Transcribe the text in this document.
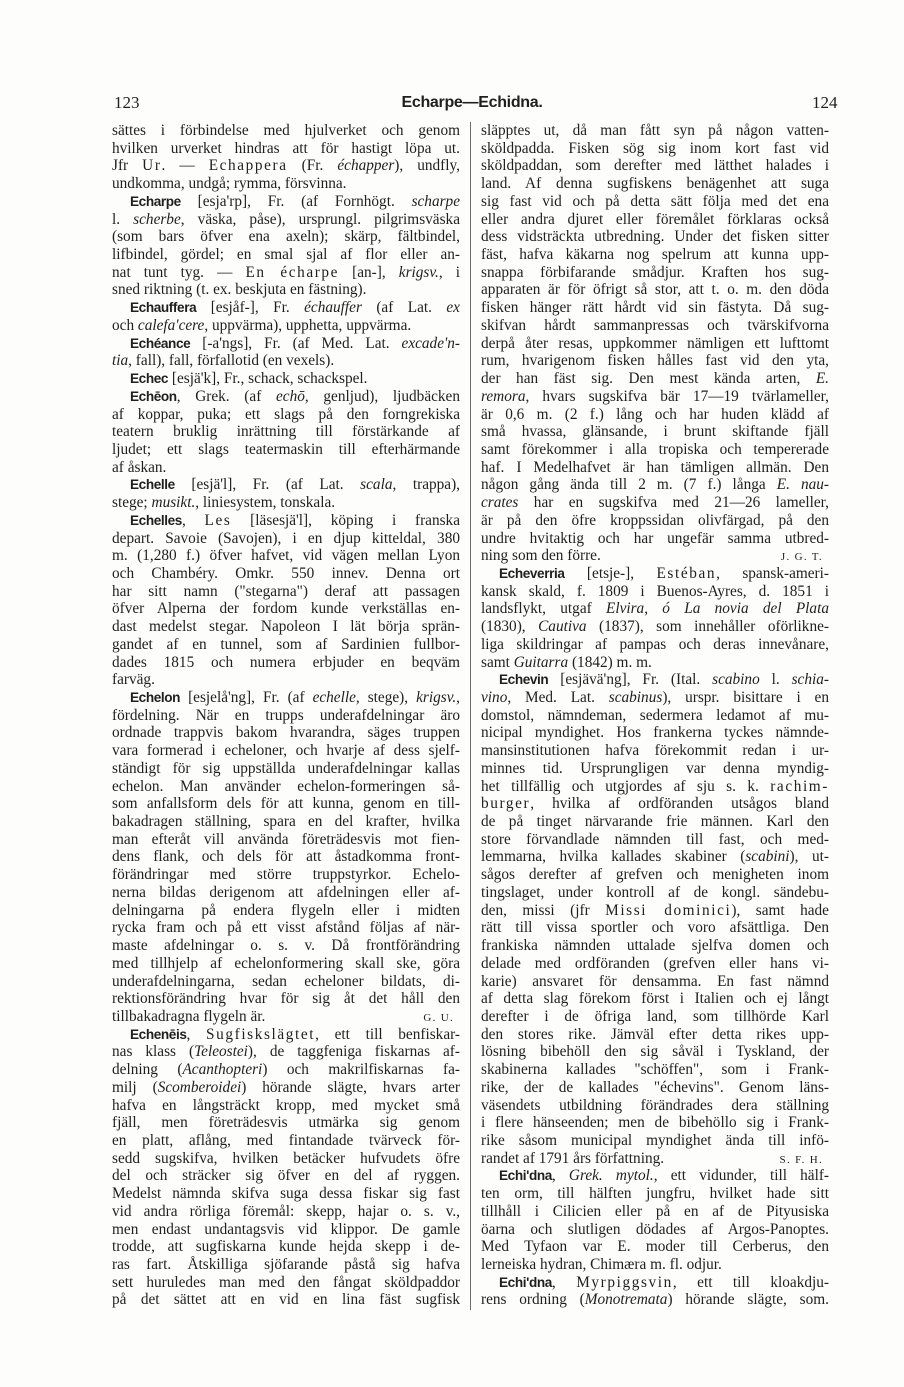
123	Echarpe—Echidna.	124
sättes i förbindelse med hjulverket och genom
hvilken urverket hindras att för hastigt löpa ut.
Jfr Ur. — Echappera (Fr. échapper), undfly,
undkomma, undgå; rymma, försvinna.
Echarpe [esja'rp], Fr. (af Fornhögt. scharpe
l. scherbe, väska, påse), ursprungl. pilgrimsväska
(som bars öfver ena axeln); skärp, fältbindel,
lifbindel, gördel; en smal sjal af flor eller an-
nat tunt tyg. — En écharpe [an-], krigsv., i
sned riktning (t. ex. beskjuta en fästning).
Echauffera [esjåf-], Fr. échauffer (af Lat. ex
och calefa'cere, uppvärma), upphetta, uppvärma.
Echéance [-a'ngs], Fr. (af Med. Lat. excade'n-
tia, fall), fall, förfallotid (en vexels).
Echec [esjä'k], Fr., schack, schackspel.
Echēon, Grek. (af echō, genljud), ljudbäcken
af koppar, puka; ett slags på den forngrekiska
teatern bruklig inrättning till förstärkande af
ljudet; ett slags teatermaskin till efterhärmande
af åskan.
Echelle [esjä'l], Fr. (af Lat. scala, trappa),
stege; musikt., liniesystem, tonskala.
Echelles, Les [läsesjä'l], köping i franska
depart. Savoie (Savojen), i en djup kitteldal, 380
m. (1,280 f.) öfver hafvet, vid vägen mellan Lyon
och Chambéry. Omkr. 550 innev. Denna ort
har sitt namn ("stegarna") deraf att passagen
öfver Alperna der fordom kunde verkställas en-
dast medelst stegar. Napoleon I lät börja sprän-
gandet af en tunnel, som af Sardinien fullbor-
dades 1815 och numera erbjuder en beqväm
farväg.
Echelon [esjelå'ng], Fr. (af echelle, stege), krigsv.,
fördelning. När en trupps underafdelningar äro
ordnade trappvis bakom hvarandra, säges truppen
vara formerad i echeloner, och hvarje af dess sjelf-
ständigt för sig uppställda underafdelningar kallas
echelon. Man använder echelon-formeringen så-
som anfallsform dels för att kunna, genom en till-
bakadragen ställning, spara en del krafter, hvilka
man efteråt vill använda företrädesvis mot fien-
dens flank, och dels för att åstadkomma front-
förändringar med större truppstyrkor. Echelo-
nerna bildas derigenom att afdelningen eller af-
delningarna på endera flygeln eller i midten
rycka fram och på ett visst afstånd följas af när-
maste afdelningar o. s. v. Då frontförändring
med tillhjelp af echelonformering skall ske, göra
underafdelningarna, sedan echeloner bildats, di-
rektionsförändring hvar för sig åt det håll den
tillbakadragna flygeln är.	G. U.
Echenēis, Sugfiskslägtet, ett till benfiskar-
nas klass (Teleostei), de taggfeniga fiskarnas af-
delning (Acanthopteri) och makrilfiskarnas fa-
milj (Scomberoidei) hörande slägte, hvars arter
hafva en långsträckt kropp, med mycket små
fjäll, men företrädesvis utmärka sig genom
en platt, aflång, med fintandade tvärveck för-
sedd sugskifva, hvilken betäcker hufvudets öfre
del och sträcker sig öfver en del af ryggen.
Medelst nämnda skifva suga dessa fiskar sig fast
vid andra rörliga föremål: skepp, hajar o. s. v.,
men endast undantagsvis vid klippor. De gamle
trodde, att sugfiskarna kunde hejda skepp i de-
ras fart. Åtskilliga sjöfarande påstå sig hafva
sett huruledes man med den fångat sköldpaddor
på det sättet att en vid en lina fäst sugfisk
släpptes ut, då man fått syn på någon vatten-
sköldpadda. Fisken sög sig inom kort fast vid
sköldpaddan, som derefter med lätthet halades i
land. Af denna sugfiskens benägenhet att suga
sig fast vid och på detta sätt följa med det ena
eller andra djuret eller föremålet förklaras också
dess vidsträckta utbredning. Under det fisken sitter
fäst, hafva käkarna nog spelrum att kunna upp-
snappa förbifarande smådjur. Kraften hos sug-
apparaten är för öfrigt så stor, att t. o. m. den döda
fisken hänger rätt hårdt vid sin fästyta. Då sug-
skifvan hårdt sammanpressas och tvärskifvorna
derpå åter resas, uppkommer nämligen ett lufttomt
rum, hvarigenom fisken hålles fast vid den yta,
der han fäst sig. Den mest kända arten, E.
remora, hvars sugskifva bär 17—19 tvärlameller,
är 0,6 m. (2 f.) lång och har huden klädd af
små hvassa, glänsande, i brunt skiftande fjäll
samt förekommer i alla tropiska och tempererade
haf. I Medelhafvet är han tämligen allmän. Den
någon gång ända till 2 m. (7 f.) långa E. nau-
crates har en sugskifva med 21—26 lameller,
är på den öfre kroppssidan olivfärgad, på den
undre hvitaktig och har ungefär samma utbred-
ning som den förre.	J. G. T.
Echeverria [etsje-], Estéban, spansk-ameri-
kansk skald, f. 1809 i Buenos-Ayres, d. 1851 i
landsflykt, utgaf Elvira, ó La novia del Plata
(1830), Cautiva (1837), som innehåller oförlikne-
liga skildringar af pampas och deras innevånare,
samt Guitarra (1842) m. m.
Echevin [esjävä'ng], Fr. (Ital. scabino l. schia-
vino, Med. Lat. scabinus), urspr. bisittare i en
domstol, nämndeman, sedermera ledamot af mu-
nicipal myndighet. Hos frankerna tyckes nämnde-
mansinstitutionen hafva förekommit redan i ur-
minnes tid. Ursprungligen var denna myndig-
het tillfällig och utgjordes af sju s. k. rachim-
burger, hvilka af ordföranden utsågos bland
de på tinget närvarande frie männen. Karl den
store förvandlade nämnden till fast, och med-
lemmarna, hvilka kallades skabiner (scabini), ut-
sågos derefter af grefven och menigheten inom
tingslaget, under kontroll af de kongl. sändebu-
den, missi (jfr Missi dominici), samt hade
rätt till vissa sportler och voro afsättliga. Den
frankiska nämnden uttalade sjelfva domen och
delade med ordföranden (grefven eller hans vi-
karie) ansvaret för densamma. En fast nämnd
af detta slag förekom först i Italien och ej långt
derefter i de öfriga land, som tillhörde Karl
den stores rike. Jämväl efter detta rikes upp-
lösning bibehöll den sig såväl i Tyskland, der
skabinerna kallades "schöffen", som i Frank-
rike, der de kallades "échevins". Genom läns-
väsendets utbildning förändrades dera ställning
i flere hänseenden; men de bibehöllo sig i Frank-
rike såsom municipal myndighet ända till infö-
randet af 1791 års författning.	S. F. H.
Echi'dna, Grek. mytol., ett vidunder, till hälf-
ten orm, till hälften jungfru, hvilket hade sitt
tillhåll i Cilicien eller på en af de Pityusiska
öarna och slutligen dödades af Argos-Panoptes.
Med Tyfaon var E. moder till Cerberus, den
lerneiska hydran, Chimæra m. fl. odjur.
Echi'dna, Myrpiggsvin, ett till kloakdju-
rens ordning (Monotremata) hörande slägte, som.
